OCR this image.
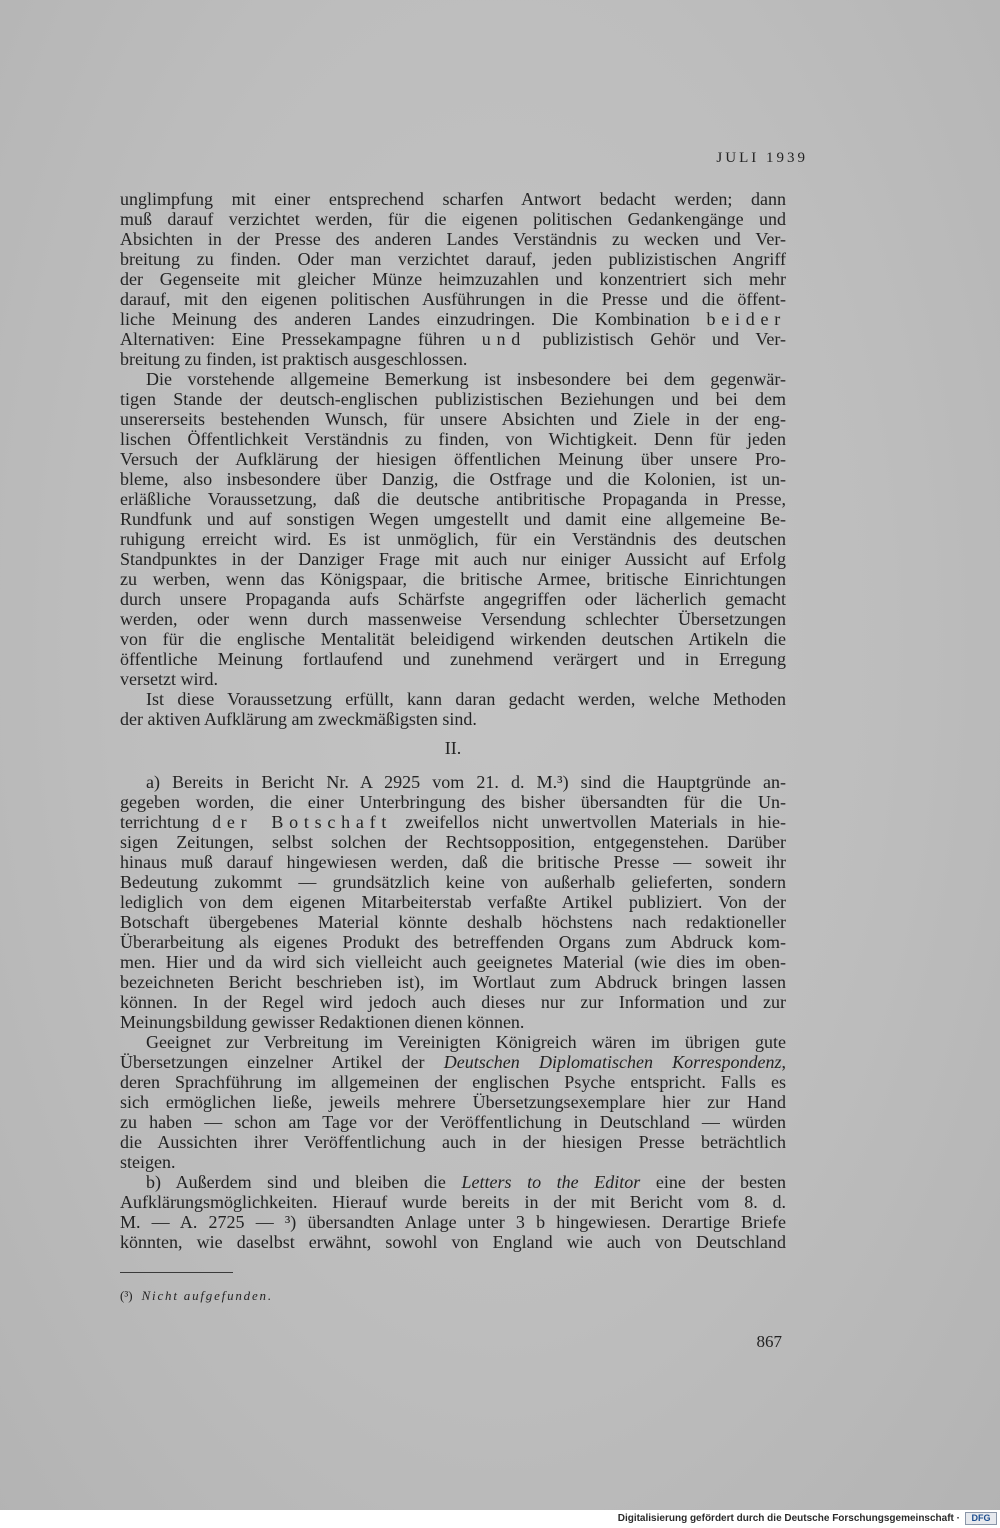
JULI 1939
unglimpfung mit einer entsprechend scharfen Antwort bedacht werden; dann
muß darauf verzichtet werden, für die eigenen politischen Gedankengänge und
Absichten in der Presse des anderen Landes Verständnis zu wecken und Ver-
breitung zu finden. Oder man verzichtet darauf, jeden publizistischen Angriff
der Gegenseite mit gleicher Münze heimzuzahlen und konzentriert sich mehr
darauf, mit den eigenen politischen Ausführungen in die Presse und die öffent-
liche Meinung des anderen Landes einzudringen. Die Kombination beider
Alternativen: Eine Pressekampagne führen und publizistisch Gehör und Ver-
breitung zu finden, ist praktisch ausgeschlossen.
Die vorstehende allgemeine Bemerkung ist insbesondere bei dem gegenwär-
tigen Stande der deutsch-englischen publizistischen Beziehungen und bei dem
unsererseits bestehenden Wunsch, für unsere Absichten und Ziele in der eng-
lischen Öffentlichkeit Verständnis zu finden, von Wichtigkeit. Denn für jeden
Versuch der Aufklärung der hiesigen öffentlichen Meinung über unsere Pro-
bleme, also insbesondere über Danzig, die Ostfrage und die Kolonien, ist un-
erläßliche Voraussetzung, daß die deutsche antibritische Propaganda in Presse,
Rundfunk und auf sonstigen Wegen umgestellt und damit eine allgemeine Be-
ruhigung erreicht wird. Es ist unmöglich, für ein Verständnis des deutschen
Standpunktes in der Danziger Frage mit auch nur einiger Aussicht auf Erfolg
zu werben, wenn das Königspaar, die britische Armee, britische Einrichtungen
durch unsere Propaganda aufs Schärfste angegriffen oder lächerlich gemacht
werden, oder wenn durch massenweise Versendung schlechter Übersetzungen
von für die englische Mentalität beleidigend wirkenden deutschen Artikeln die
öffentliche Meinung fortlaufend und zunehmend verärgert und in Erregung
versetzt wird.
Ist diese Voraussetzung erfüllt, kann daran gedacht werden, welche Methoden
der aktiven Aufklärung am zweckmäßigsten sind.
II.
a) Bereits in Bericht Nr. A 2925 vom 21. d. M.³) sind die Hauptgründe an-
gegeben worden, die einer Unterbringung des bisher übersandten für die Un-
terrichtung der Botschaft zweifellos nicht unwertvollen Materials in hie-
sigen Zeitungen, selbst solchen der Rechtsopposition, entgegenstehen. Darüber
hinaus muß darauf hingewiesen werden, daß die britische Presse — soweit ihr
Bedeutung zukommt — grundsätzlich keine von außerhalb gelieferten, sondern
lediglich von dem eigenen Mitarbeiterstab verfaßte Artikel publiziert. Von der
Botschaft übergebenes Material könnte deshalb höchstens nach redaktioneller
Überarbeitung als eigenes Produkt des betreffenden Organs zum Abdruck kom-
men. Hier und da wird sich vielleicht auch geeignetes Material (wie dies im oben-
bezeichneten Bericht beschrieben ist), im Wortlaut zum Abdruck bringen lassen
können. In der Regel wird jedoch auch dieses nur zur Information und zur
Meinungsbildung gewisser Redaktionen dienen können.
Geeignet zur Verbreitung im Vereinigten Königreich wären im übrigen gute
Übersetzungen einzelner Artikel der Deutschen Diplomatischen Korrespondenz,
deren Sprachführung im allgemeinen der englischen Psyche entspricht. Falls es
sich ermöglichen ließe, jeweils mehrere Übersetzungsexemplare hier zur Hand
zu haben — schon am Tage vor der Veröffentlichung in Deutschland — würden
die Aussichten ihrer Veröffentlichung auch in der hiesigen Presse beträchtlich
steigen.
b) Außerdem sind und bleiben die Letters to the Editor eine der besten
Aufklärungsmöglichkeiten. Hierauf wurde bereits in der mit Bericht vom 8. d.
M. — A. 2725 — ³) übersandten Anlage unter 3 b hingewiesen. Derartige Briefe
könnten, wie daselbst erwähnt, sowohl von England wie auch von Deutschland
(³) Nicht aufgefunden.
867
Digitalisierung gefördert durch die Deutsche Forschungsgemeinschaft ·	DFG
